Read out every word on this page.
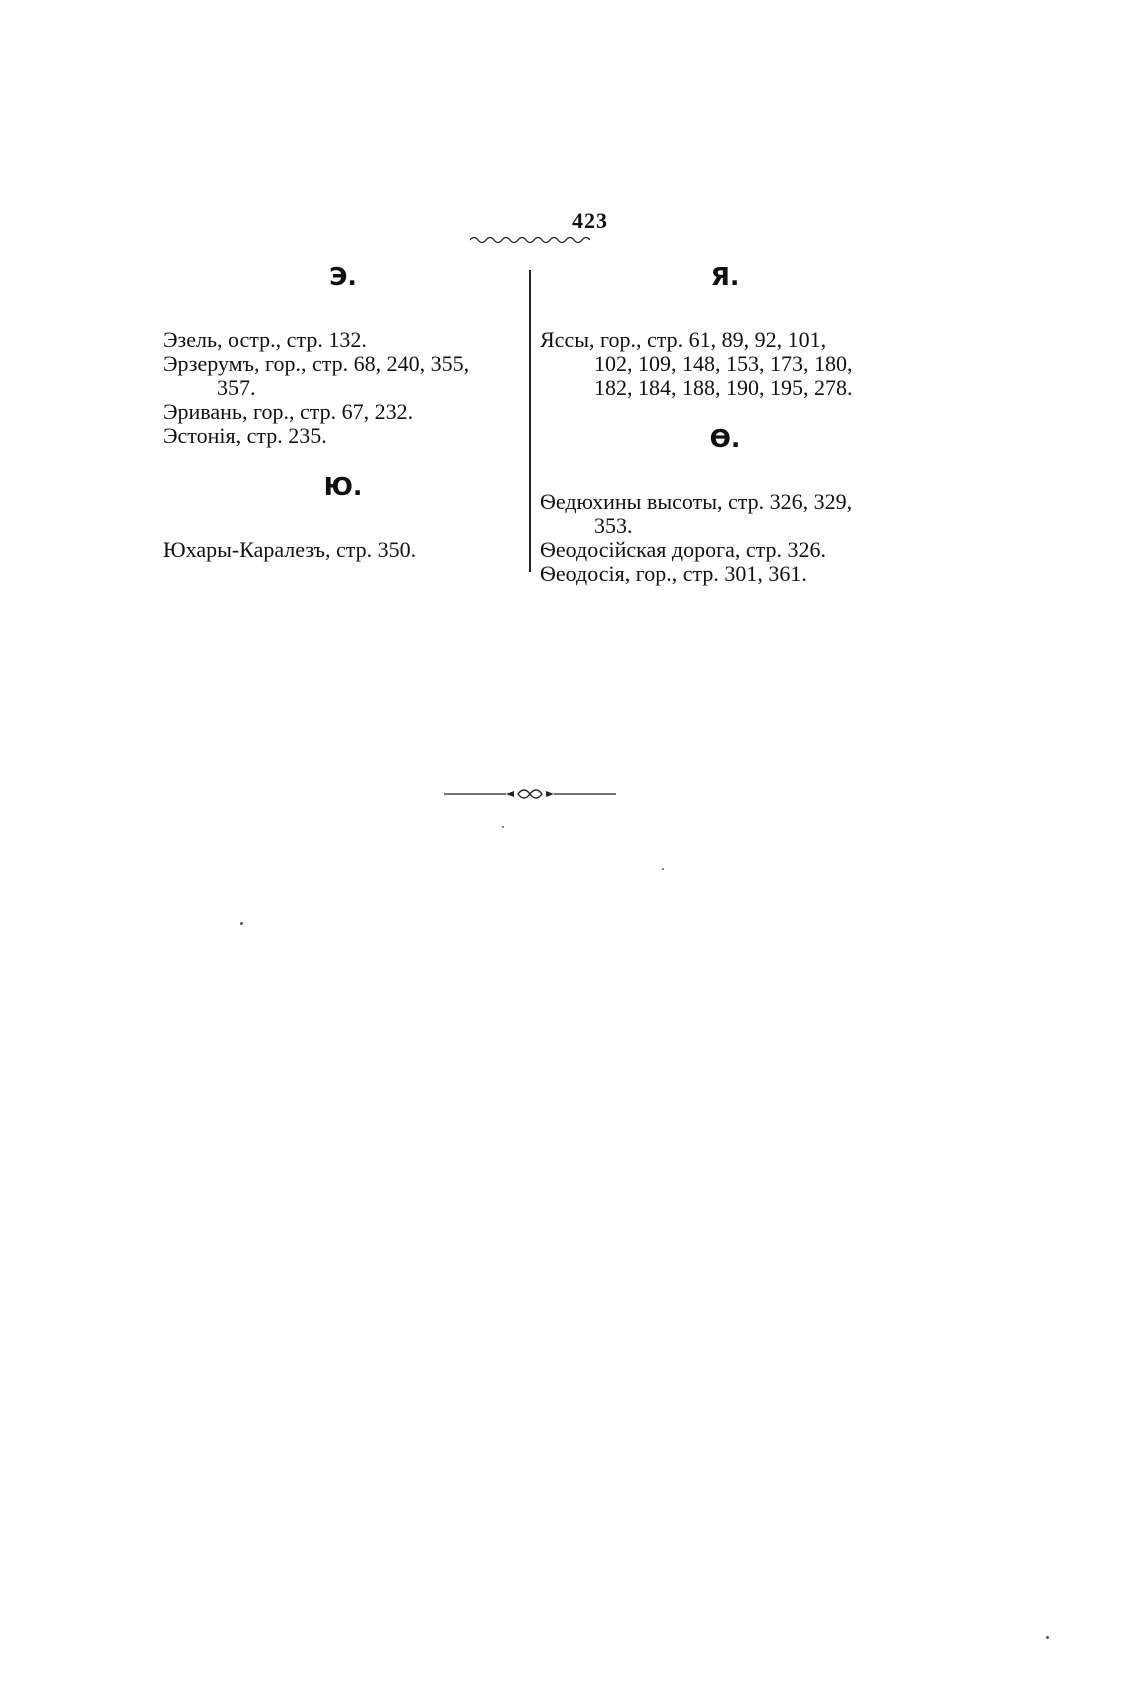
423
Э.
Эзель, остр., стр. 132.
Эрзерумъ, гор., стр. 68, 240, 355,
357.
Эривань, гор., стр. 67, 232.
Эстонія, стр. 235.
Ю.
Юхары-Каралезъ, стр. 350.
Я.
Яссы, гор., стр. 61, 89, 92, 101,
102, 109, 148, 153, 173, 180,
182, 184, 188, 190, 195, 278.
Ѳ.
Ѳедюхины высоты, стр. 326, 329,
353.
Ѳеодосійская дорога, стр. 326.
Ѳеодосія, гор., стр. 301, 361.
